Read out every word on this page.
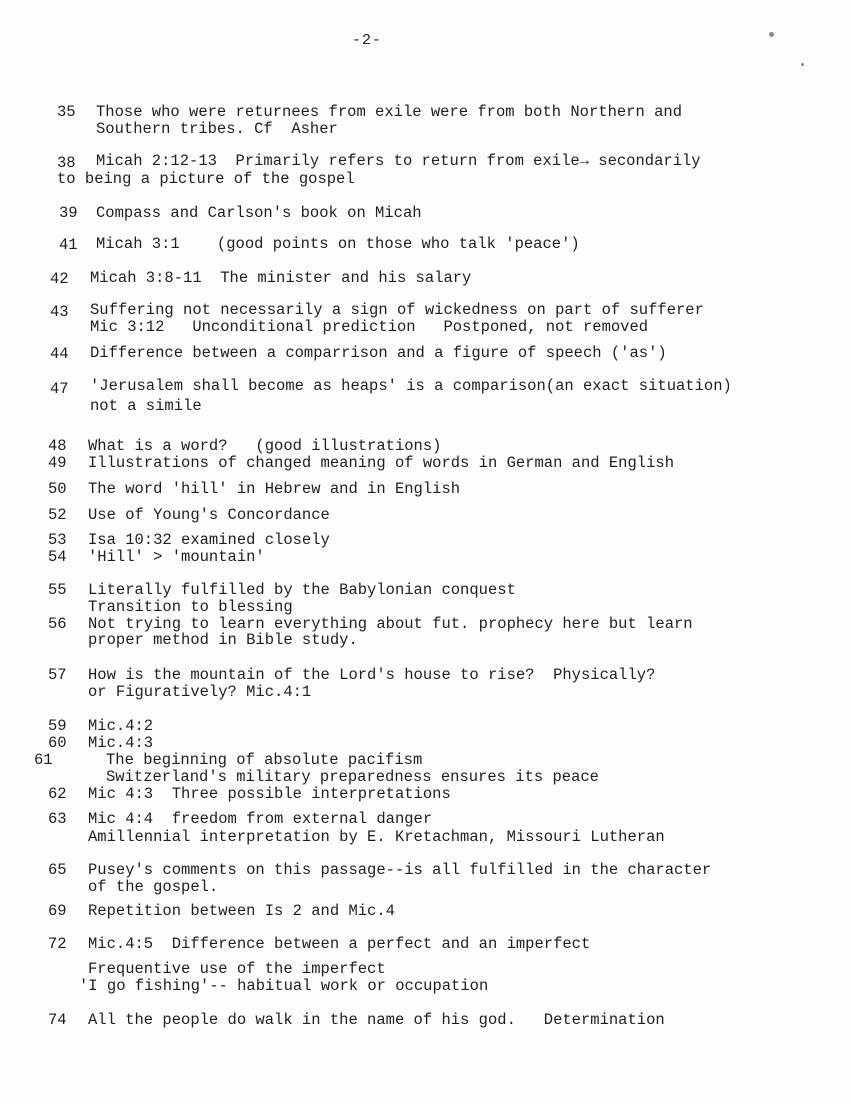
-2-
35 Those who were returnees from exile were from both Northern and
Southern tribes. Cf  Asher
38 Micah 2:12-13  Primarily refers to return from exile→ secondarily
to being a picture of the gospel
39 Compass and Carlson's book on Micah
41 Micah 3:1    (good points on those who talk 'peace')
42 Micah 3:8-11  The minister and his salary
43 Suffering not necessarily a sign of wickedness on part of sufferer
Mic 3:12   Unconditional prediction   Postponed, not removed
44 Difference between a comparrison and a figure of speech ('as')
47 'Jerusalem shall become as heaps' is a comparison(an exact situation)
not a simile
48 What is a word?   (good illustrations)
49 Illustrations of changed meaning of words in German and English
50 The word 'hill' in Hebrew and in English
52 Use of Young's Concordance
53 Isa 10:32 examined closely
54 'Hill' > 'mountain'
55 Literally fulfilled by the Babylonian conquest
Transition to blessing
56 Not trying to learn everything about fut. prophecy here but learn
proper method in Bible study.
57 How is the mountain of the Lord's house to rise?  Physically?
or Figuratively? Mic.4:1
59 Mic.4:2
60 Mic.4:3
61	The beginning of absolute pacifism
Switzerland's military preparedness ensures its peace
62 Mic 4:3  Three possible interpretations
63 Mic 4:4  freedom from external danger
Amillennial interpretation by E. Kretachman, Missouri Lutheran
65 Pusey's comments on this passage--is all fulfilled in the character
of the gospel.
69 Repetition between Is 2 and Mic.4
72 Mic.4:5  Difference between a perfect and an imperfect
Frequentive use of the imperfect
'I go fishing'-- habitual work or occupation
74 All the people do walk in the name of his god.   Determination
